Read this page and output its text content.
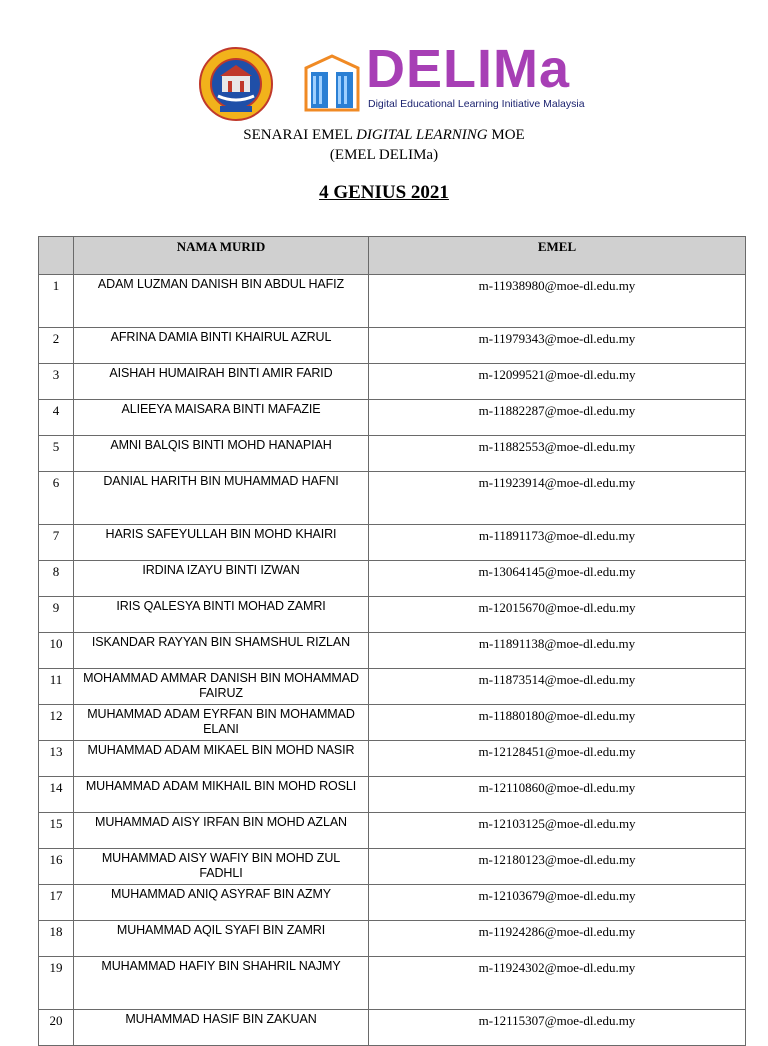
DELIMa
Digital Educational Learning Initiative Malaysia
SENARAI EMEL DIGITAL LEARNING MOE
(EMEL DELIMa)
4 GENIUS 2021
	NAMA MURID	EMEL
1	ADAM LUZMAN DANISH BIN ABDUL HAFIZ	m-11938980@moe-dl.edu.my
2	AFRINA DAMIA BINTI KHAIRUL AZRUL	m-11979343@moe-dl.edu.my
3	AISHAH HUMAIRAH BINTI AMIR FARID	m-12099521@moe-dl.edu.my
4	ALIEEYA MAISARA BINTI MAFAZIE	m-11882287@moe-dl.edu.my
5	AMNI BALQIS BINTI MOHD HANAPIAH	m-11882553@moe-dl.edu.my
6	DANIAL HARITH BIN MUHAMMAD HAFNI	m-11923914@moe-dl.edu.my
7	HARIS SAFEYULLAH BIN MOHD KHAIRI	m-11891173@moe-dl.edu.my
8	IRDINA IZAYU BINTI IZWAN	m-13064145@moe-dl.edu.my
9	IRIS QALESYA BINTI MOHAD ZAMRI	m-12015670@moe-dl.edu.my
10	ISKANDAR RAYYAN BIN SHAMSHUL RIZLAN	m-11891138@moe-dl.edu.my
11	MOHAMMAD AMMAR DANISH BIN MOHAMMAD FAIRUZ	m-11873514@moe-dl.edu.my
12	MUHAMMAD ADAM EYRFAN BIN MOHAMMAD ELANI	m-11880180@moe-dl.edu.my
13	MUHAMMAD ADAM MIKAEL BIN MOHD NASIR	m-12128451@moe-dl.edu.my
14	MUHAMMAD ADAM MIKHAIL BIN MOHD ROSLI	m-12110860@moe-dl.edu.my
15	MUHAMMAD AISY IRFAN BIN MOHD AZLAN	m-12103125@moe-dl.edu.my
16	MUHAMMAD AISY WAFIY BIN MOHD ZUL FADHLI	m-12180123@moe-dl.edu.my
17	MUHAMMAD ANIQ ASYRAF BIN AZMY	m-12103679@moe-dl.edu.my
18	MUHAMMAD AQIL SYAFI BIN ZAMRI	m-11924286@moe-dl.edu.my
19	MUHAMMAD HAFIY BIN SHAHRIL NAJMY	m-11924302@moe-dl.edu.my
20	MUHAMMAD HASIF BIN ZAKUAN	m-12115307@moe-dl.edu.my
